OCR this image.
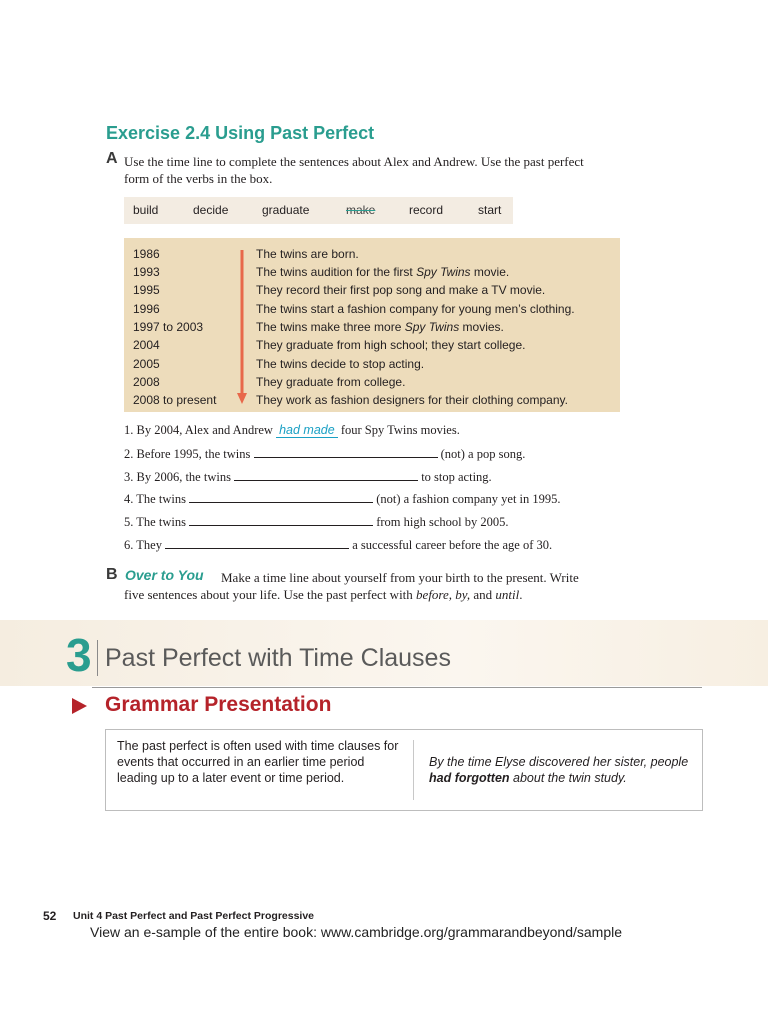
Exercise 2.4 Using Past Perfect
A Use the time line to complete the sentences about Alex and Andrew. Use the past perfect form of the verbs in the box.
build	decide	graduate	make	record	start
1986	The twins are born.
1993	The twins audition for the first Spy Twins movie.
1995	They record their first pop song and make a TV movie.
1996	The twins start a fashion company for young men’s clothing.
1997 to 2003	The twins make three more Spy Twins movies.
2004	They graduate from high school; they start college.
2005	The twins decide to stop acting.
2008	They graduate from college.
2008 to present	They work as fashion designers for their clothing company.
1. By 2004, Alex and Andrew had made four Spy Twins movies.
2. Before 1995, the twins	(not) a pop song.
3. By 2006, the twins	to stop acting.
4. The twins	(not) a fashion company yet in 1995.
5. The twins	from high school by 2005.
6. They	a successful career before the age of 30.
B Over to You Make a time line about yourself from your birth to the present. Write
five sentences about your life. Use the past perfect with before, by, and until.
3 Past Perfect with Time Clauses
Grammar Presentation
The past perfect is often used with time clauses for events that occurred in an earlier time period leading up to a later event or time period.
By the time Elyse discovered her sister, people had forgotten about the twin study.
52 Unit 4 Past Perfect and Past Perfect Progressive
View an e-sample of the entire book: www.cambridge.org/grammarandbeyond/sample
